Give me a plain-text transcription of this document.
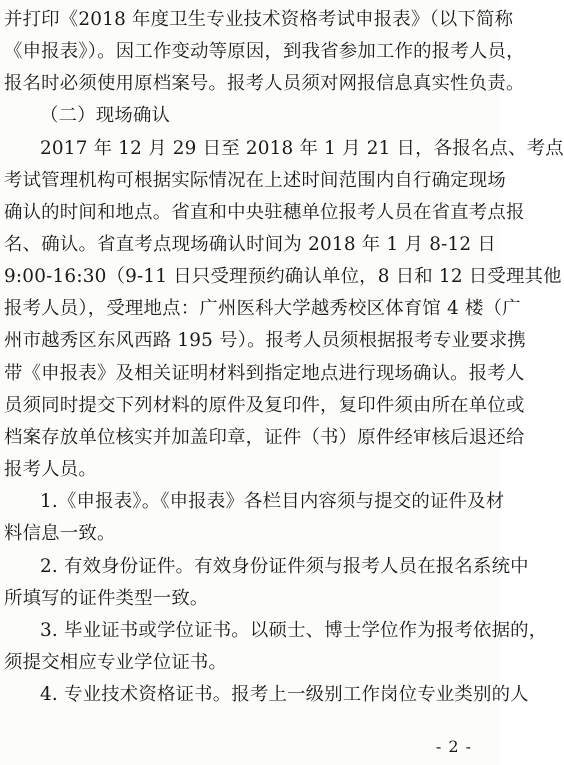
并打印《2018 年度卫生专业技术资格考试申报表》（以下简称
《申报表》）。因工作变动等原因，到我省参加工作的报考人员，
报名时必须使用原档案号。报考人员须对网报信息真实性负责。
（二）现场确认
2017 年 12 月 29 日至 2018 年 1 月 21 日，各报名点、考点
考试管理机构可根据实际情况在上述时间范围内自行确定现场
确认的时间和地点。省直和中央驻穗单位报考人员在省直考点报
名、确认。省直考点现场确认时间为 2018 年 1 月 8-12 日
9:00-16:30（9-11 日只受理预约确认单位，8 日和 12 日受理其他
报考人员），受理地点：广州医科大学越秀校区体育馆 4 楼（广
州市越秀区东风西路 195 号）。报考人员须根据报考专业要求携
带《申报表》及相关证明材料到指定地点进行现场确认。报考人
员须同时提交下列材料的原件及复印件，复印件须由所在单位或
档案存放单位核实并加盖印章，证件（书）原件经审核后退还给
报考人员。
1.《申报表》。《申报表》各栏目内容须与提交的证件及材
料信息一致。
2. 有效身份证件。有效身份证件须与报考人员在报名系统中
所填写的证件类型一致。
3. 毕业证书或学位证书。以硕士、博士学位作为报考依据的，
须提交相应专业学位证书。
4. 专业技术资格证书。报考上一级别工作岗位专业类别的人
- 2 -
